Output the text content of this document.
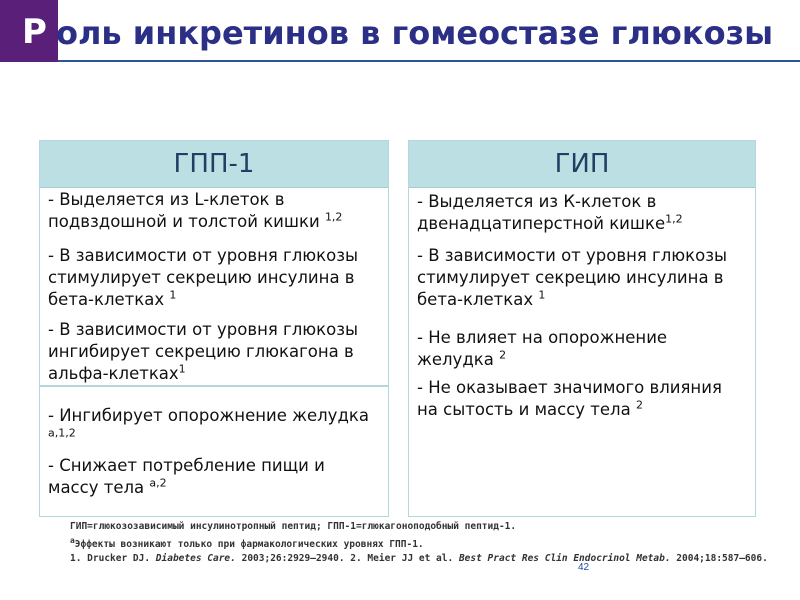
Р оль инкретинов в гомеостазе глюкозы
ГПП-1
- Выделяется из L-клеток в подвздошной и толстой кишки $^{1,2}$
- В зависимости от уровня глюкозы стимулирует секрецию инсулина в бета-клетках $^1$
- В зависимости от уровня глюкозы ингибирует секрецию глюкагона в альфа-клетках$^1$
- Ингибирует опорожнение желудка $^{a,1,2}$
- Снижает потребление пищи и массу тела $^{a,2}$
ГИП
- Выделяется из К-клеток в двенадцатиперстной кишке$^{1,2}$
- В зависимости от уровня глюкозы стимулирует секрецию инсулина в бета-клетках $^1$
- Не влияет на опорожнение желудка $^2$
- Не оказывает значимого влияния на сытость и массу тела $^2$

ГИП=глюкозозависимый инсулинотропный пептид; ГПП-1=глюкагоноподобный пептид-1.

$^a$Эффекты возникают только при фармакологических уровнях ГПП-1.

1. Drucker DJ. Diabetes Care. 2003;26:2929–2940. 2. Meier JJ et al. Best Pract Res Clin Endocrinol Metab. 2004;18:587–606.

42
